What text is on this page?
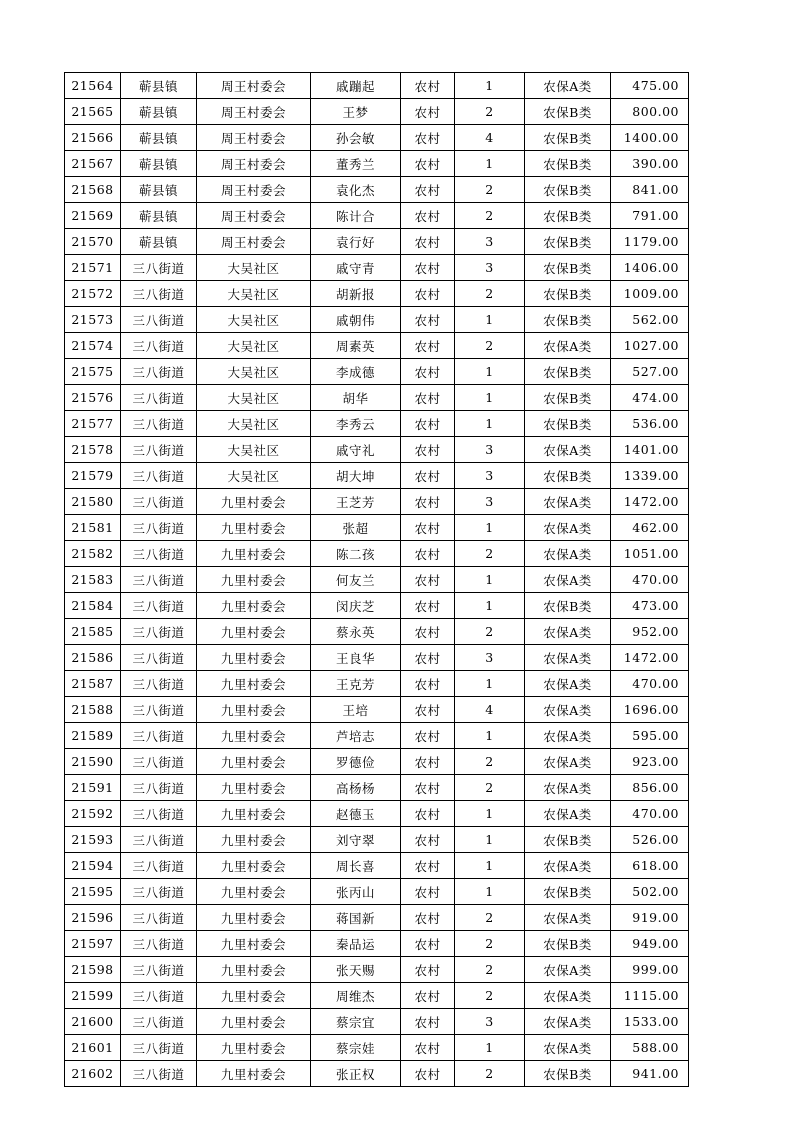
21564	蕲县镇	周王村委会	戚蹦起	农村	1	农保A类	475.00
21565	蕲县镇	周王村委会	王梦	农村	2	农保B类	800.00
21566	蕲县镇	周王村委会	孙会敏	农村	4	农保B类	1400.00
21567	蕲县镇	周王村委会	董秀兰	农村	1	农保B类	390.00
21568	蕲县镇	周王村委会	袁化杰	农村	2	农保B类	841.00
21569	蕲县镇	周王村委会	陈计合	农村	2	农保B类	791.00
21570	蕲县镇	周王村委会	袁行好	农村	3	农保B类	1179.00
21571	三八街道	大吴社区	戚守青	农村	3	农保B类	1406.00
21572	三八街道	大吴社区	胡新报	农村	2	农保B类	1009.00
21573	三八街道	大吴社区	戚朝伟	农村	1	农保B类	562.00
21574	三八街道	大吴社区	周素英	农村	2	农保A类	1027.00
21575	三八街道	大吴社区	李成德	农村	1	农保B类	527.00
21576	三八街道	大吴社区	胡华	农村	1	农保B类	474.00
21577	三八街道	大吴社区	李秀云	农村	1	农保B类	536.00
21578	三八街道	大吴社区	戚守礼	农村	3	农保A类	1401.00
21579	三八街道	大吴社区	胡大坤	农村	3	农保B类	1339.00
21580	三八街道	九里村委会	王芝芳	农村	3	农保A类	1472.00
21581	三八街道	九里村委会	张超	农村	1	农保A类	462.00
21582	三八街道	九里村委会	陈二孩	农村	2	农保A类	1051.00
21583	三八街道	九里村委会	何友兰	农村	1	农保A类	470.00
21584	三八街道	九里村委会	闵庆芝	农村	1	农保B类	473.00
21585	三八街道	九里村委会	蔡永英	农村	2	农保A类	952.00
21586	三八街道	九里村委会	王良华	农村	3	农保A类	1472.00
21587	三八街道	九里村委会	王克芳	农村	1	农保A类	470.00
21588	三八街道	九里村委会	王培	农村	4	农保A类	1696.00
21589	三八街道	九里村委会	芦培志	农村	1	农保A类	595.00
21590	三八街道	九里村委会	罗德俭	农村	2	农保A类	923.00
21591	三八街道	九里村委会	高杨杨	农村	2	农保A类	856.00
21592	三八街道	九里村委会	赵德玉	农村	1	农保A类	470.00
21593	三八街道	九里村委会	刘守翠	农村	1	农保B类	526.00
21594	三八街道	九里村委会	周长喜	农村	1	农保A类	618.00
21595	三八街道	九里村委会	张丙山	农村	1	农保B类	502.00
21596	三八街道	九里村委会	蒋国新	农村	2	农保A类	919.00
21597	三八街道	九里村委会	秦品运	农村	2	农保B类	949.00
21598	三八街道	九里村委会	张天赐	农村	2	农保A类	999.00
21599	三八街道	九里村委会	周维杰	农村	2	农保A类	1115.00
21600	三八街道	九里村委会	蔡宗宜	农村	3	农保A类	1533.00
21601	三八街道	九里村委会	蔡宗娃	农村	1	农保A类	588.00
21602	三八街道	九里村委会	张正权	农村	2	农保B类	941.00
